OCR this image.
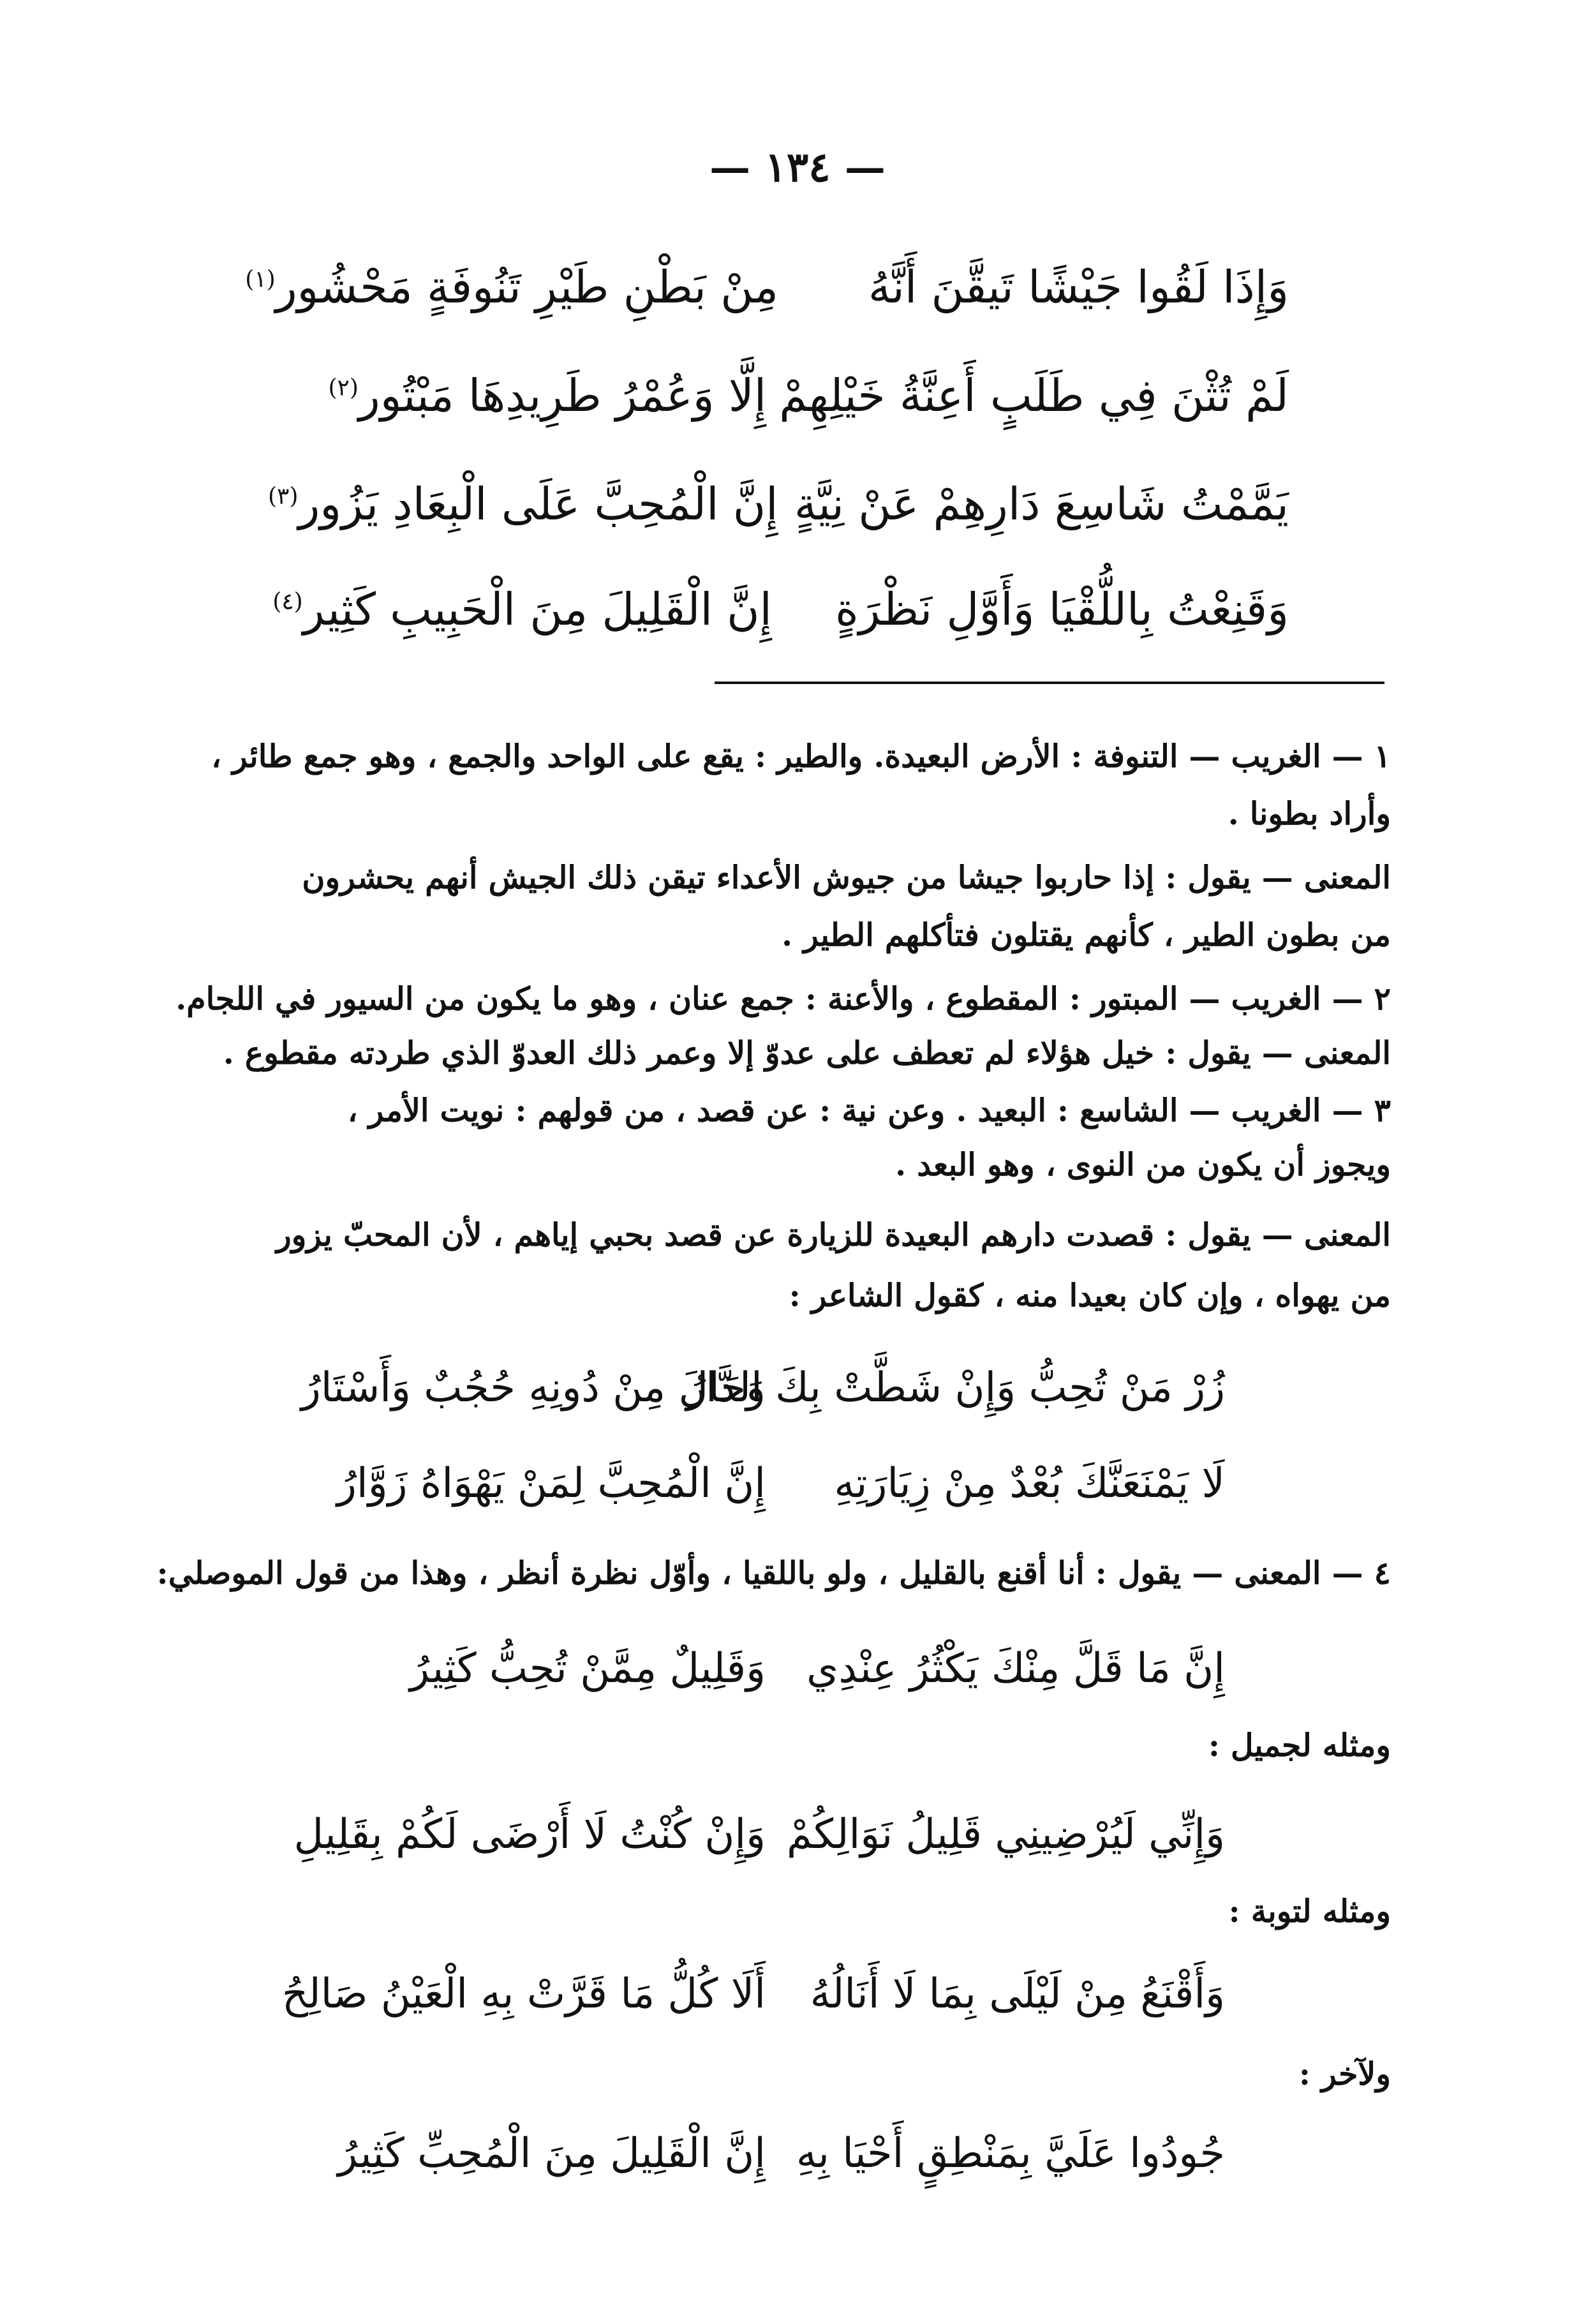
— ١٣٤ —
وَإِذَا لَقُوا جَيْشًا تَيقَّنَ أَنَّهُ
مِنْ بَطْنِ طَيْرِ تَنُوفَةٍ مَحْشُور$^{(١)}$
لَمْ تُثْنَ فِي طَلَبٍ أَعِنَّةُ خَيْلِهِمْ
إِلَّا وَعُمْرُ طَرِيدِهَا مَبْتُور$^{(٢)}$
يَمَّمْتُ شَاسِعَ دَارِهِمْ عَنْ نِيَّةٍ
إِنَّ الْمُحِبَّ عَلَى الْبِعَادِ يَزُور$^{(٣)}$
وَقَنِعْتُ بِاللُّقْيَا وَأَوَّلِ نَظْرَةٍ
إِنَّ الْقَلِيلَ مِنَ الْحَبِيبِ كَثِير$^{(٤)}$
١ — الغريب — التنوفة : الأرض البعيدة. والطير : يقع على الواحد والجمع ، وهو جمع طائر ،
وأراد بطونا .
المعنى — يقول : إذا حاربوا جيشا من جيوش الأعداء تيقن ذلك الجيش أنهم يحشرون
من بطون الطير ، كأنهم يقتلون فتأكلهم الطير .
٢ — الغريب — المبتور : المقطوع ، والأعنة : جمع عنان ، وهو ما يكون من السيور في اللجام.
المعنى — يقول : خيل هؤلاء لم تعطف على عدوّ إلا وعمر ذلك العدوّ الذي طردته مقطوع .
٣ — الغريب — الشاسع : البعيد . وعن نية : عن قصد ، من قولهم : نويت الأمر ،
ويجوز أن يكون من النوى ، وهو البعد .
المعنى — يقول : قصدت دارهم البعيدة للزيارة عن قصد بحبي إياهم ، لأن المحبّ يزور
من يهواه ، وإن كان بعيدا منه ، كقول الشاعر :
زُرْ مَنْ تُحِبُّ وَإِنْ شَطَّتْ بِكَ الدَّارُ
وَحَالَ مِنْ دُونِهِ حُجُبٌ وَأَسْتَارُ
لَا يَمْنَعَنَّكَ بُعْدٌ مِنْ زِيَارَتِهِ
إِنَّ الْمُحِبَّ لِمَنْ يَهْوَاهُ زَوَّارُ
٤ — المعنى — يقول : أنا أقنع بالقليل ، ولو باللقيا ، وأوّل نظرة أنظر ، وهذا من قول الموصلي:
إِنَّ مَا قَلَّ مِنْكَ يَكْثُرُ عِنْدِي
وَقَلِيلٌ مِمَّنْ تُحِبُّ كَثِيرُ
ومثله لجميل :
وَإِنِّي لَيُرْضِينِي قَلِيلُ نَوَالِكُمْ
وَإِنْ كُنْتُ لَا أَرْضَى لَكُمْ بِقَلِيلِ
ومثله لتوبة :
وَأَقْنَعُ مِنْ لَيْلَى بِمَا لَا أَنَالُهُ
أَلَا كُلُّ مَا قَرَّتْ بِهِ الْعَيْنُ صَالِحُ
ولآخر :
جُودُوا عَلَيَّ بِمَنْطِقٍ أَحْيَا بِهِ
إِنَّ الْقَلِيلَ مِنَ الْمُحِبِّ كَثِيرُ
